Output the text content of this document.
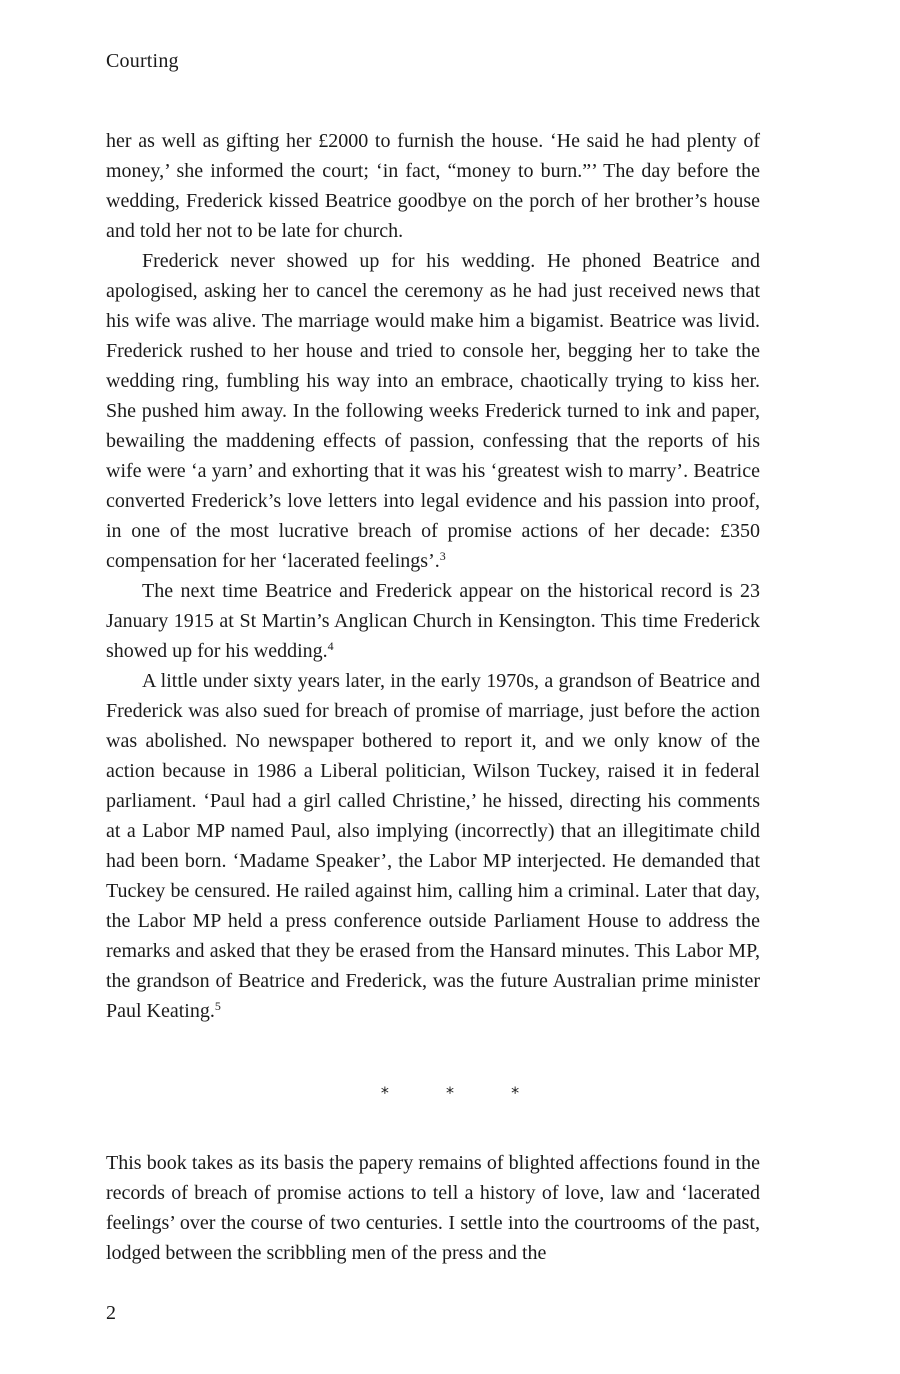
Courting

her as well as gifting her £2000 to furnish the house. ‘He said he had plenty of money,’ she informed the court; ‘in fact, “money to burn.”’ The day before the wedding, Frederick kissed Beatrice goodbye on the porch of her brother’s house and told her not to be late for church.

Frederick never showed up for his wedding. He phoned Beatrice and apologised, asking her to cancel the ceremony as he had just received news that his wife was alive. The marriage would make him a bigamist. Beatrice was livid. Frederick rushed to her house and tried to console her, begging her to take the wedding ring, fumbling his way into an embrace, chaotically trying to kiss her. She pushed him away. In the following weeks Frederick turned to ink and paper, bewailing the maddening effects of passion, confessing that the reports of his wife were ‘a yarn’ and exhorting that it was his ‘greatest wish to marry’. Beatrice converted Frederick’s love letters into legal evidence and his passion into proof, in one of the most lucrative breach of promise actions of her decade: £350 compensation for her ‘lacerated feelings’.$^3$

The next time Beatrice and Frederick appear on the historical record is 23 January 1915 at St Martin’s Anglican Church in Kensington. This time Frederick showed up for his wedding.$^4$

A little under sixty years later, in the early 1970s, a grandson of Beatrice and Frederick was also sued for breach of promise of marriage, just before the action was abolished. No newspaper bothered to report it, and we only know of the action because in 1986 a Liberal politician, Wilson Tuckey, raised it in federal parliament. ‘Paul had a girl called Christine,’ he hissed, directing his comments at a Labor MP named Paul, also implying (incorrectly) that an illegitimate child had been born. ‘Madame Speaker’, the Labor MP interjected. He demanded that Tuckey be censured. He railed against him, calling him a criminal. Later that day, the Labor MP held a press conference outside Parliament House to address the remarks and asked that they be erased from the Hansard minutes. This Labor MP, the grandson of Beatrice and Frederick, was the future Australian prime minister Paul Keating.$^5$

* * *

This book takes as its basis the papery remains of blighted affections found in the records of breach of promise actions to tell a history of love, law and ‘lacerated feelings’ over the course of two centuries. I settle into the courtrooms of the past, lodged between the scribbling men of the press and the

2
